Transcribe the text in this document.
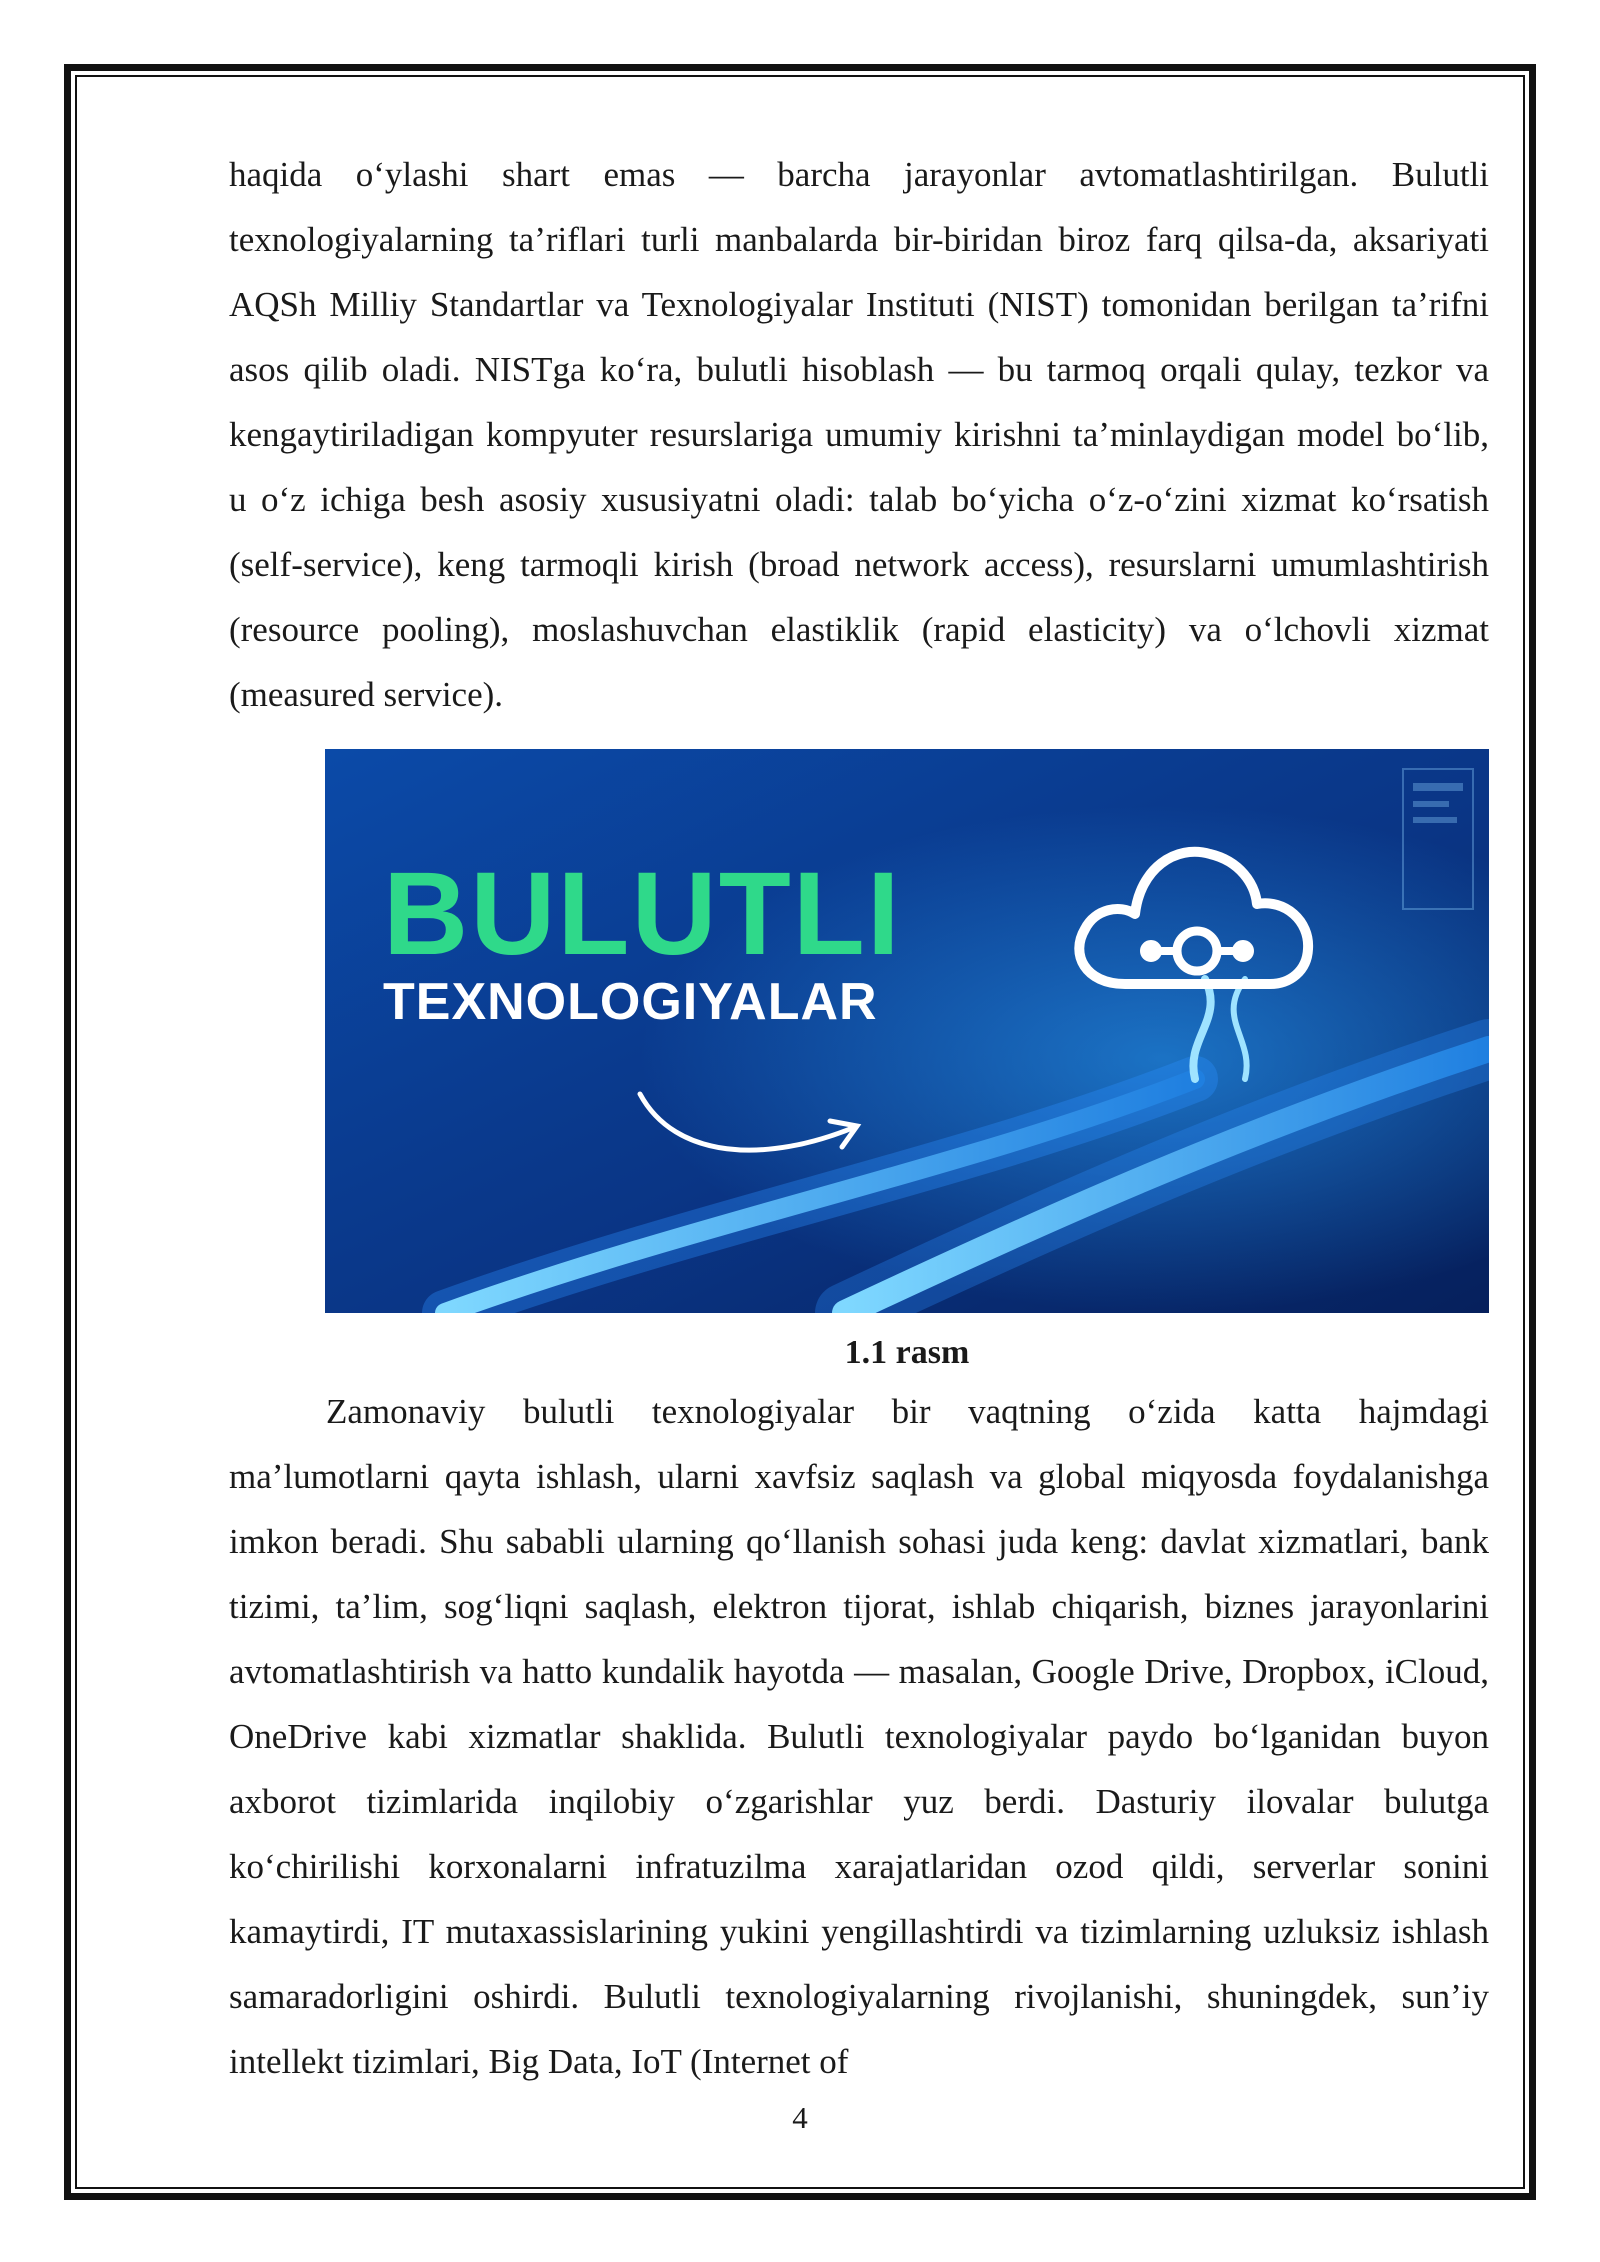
haqida o‘ylashi shart emas — barcha jarayonlar avtomatlashtirilgan. Bulutli texnologiyalarning ta’riflari turli manbalarda bir-biridan biroz farq qilsa-da, aksariyati AQSh Milliy Standartlar va Texnologiyalar Instituti (NIST) tomonidan berilgan ta’rifni asos qilib oladi. NISTga ko‘ra, bulutli hisoblash — bu tarmoq orqali qulay, tezkor va kengaytiriladigan kompyuter resurslariga umumiy kirishni ta’minlaydigan model bo‘lib, u o‘z ichiga besh asosiy xususiyatni oladi: talab bo‘yicha o‘z-o‘zini xizmat ko‘rsatish (self-service), keng tarmoqli kirish (broad network access), resurslarni umumlashtirish (resource pooling), moslashuvchan elastiklik (rapid elasticity) va o‘lchovli xizmat (measured service).

BULUTLI
TEXNOLOGIYALAR
1.1 rasm

Zamonaviy bulutli texnologiyalar bir vaqtning o‘zida katta hajmdagi ma’lumotlarni qayta ishlash, ularni xavfsiz saqlash va global miqyosda foydalanishga imkon beradi. Shu sababli ularning qo‘llanish sohasi juda keng: davlat xizmatlari, bank tizimi, ta’lim, sog‘liqni saqlash, elektron tijorat, ishlab chiqarish, biznes jarayonlarini avtomatlashtirish va hatto kundalik hayotda — masalan, Google Drive, Dropbox, iCloud, OneDrive kabi xizmatlar shaklida. Bulutli texnologiyalar paydo bo‘lganidan buyon axborot tizimlarida inqilobiy o‘zgarishlar yuz berdi. Dasturiy ilovalar bulutga ko‘chirilishi korxonalarni infratuzilma xarajatlaridan ozod qildi, serverlar sonini kamaytirdi, IT mutaxassislarining yukini yengillashtirdi va tizimlarning uzluksiz ishlash samaradorligini oshirdi. Bulutli texnologiyalarning rivojlanishi, shuningdek, sun’iy intellekt tizimlari, Big Data, IoT (Internet of

4
